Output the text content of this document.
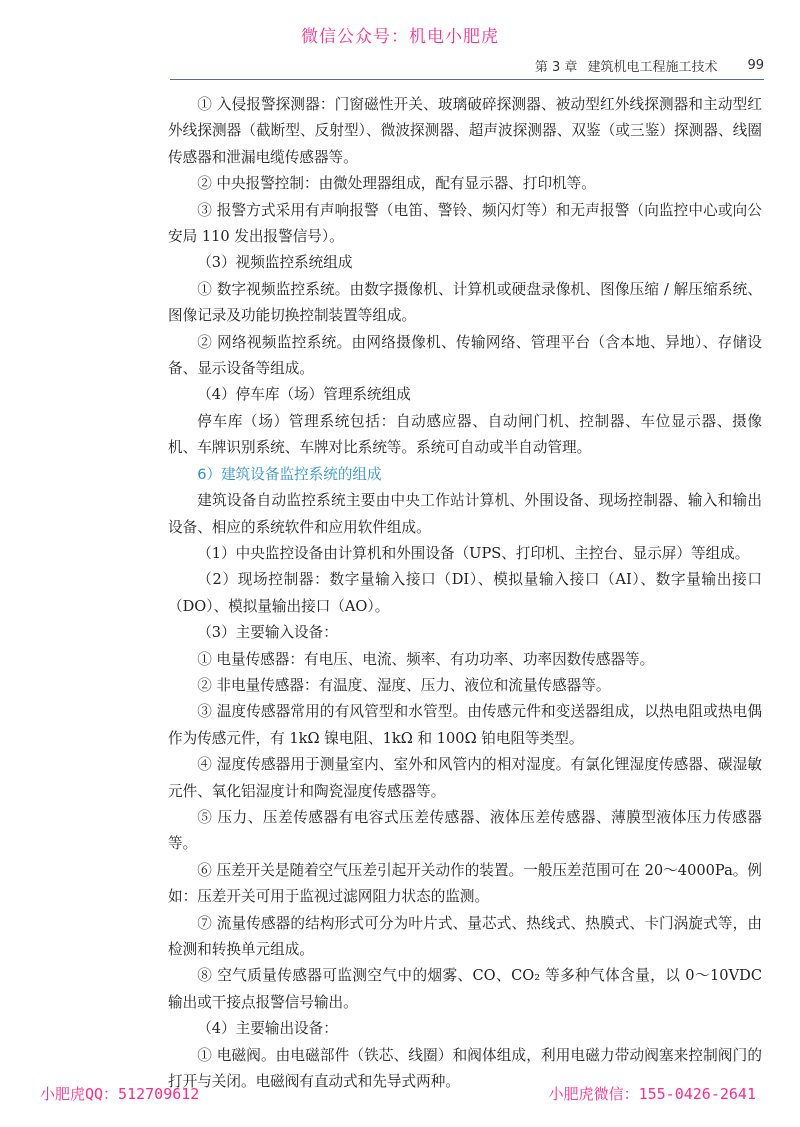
微信公众号：机电小肥虎
第 3 章 建筑机电工程施工技术 99

① 入侵报警探测器：门窗磁性开关、玻璃破碎探测器、被动型红外线探测器和主动型红外线探测器（截断型、反射型）、微波探测器、超声波探测器、双鉴（或三鉴）探测器、线圈传感器和泄漏电缆传感器等。

② 中央报警控制：由微处理器组成，配有显示器、打印机等。

③ 报警方式采用有声响报警（电笛、警铃、频闪灯等）和无声报警（向监控中心或向公安局 110 发出报警信号）。

（3）视频监控系统组成

① 数字视频监控系统。由数字摄像机、计算机或硬盘录像机、图像压缩 / 解压缩系统、图像记录及功能切换控制装置等组成。

② 网络视频监控系统。由网络摄像机、传输网络、管理平台（含本地、异地）、存储设备、显示设备等组成。

（4）停车库（场）管理系统组成

停车库（场）管理系统包括：自动感应器、自动闸门机、控制器、车位显示器、摄像机、车牌识别系统、车牌对比系统等。系统可自动或半自动管理。

6）建筑设备监控系统的组成

建筑设备自动监控系统主要由中央工作站计算机、外围设备、现场控制器、输入和输出设备、相应的系统软件和应用软件组成。

（1）中央监控设备由计算机和外围设备（UPS、打印机、主控台、显示屏）等组成。

（2）现场控制器：数字量输入接口（DI）、模拟量输入接口（AI）、数字量输出接口（DO）、模拟量输出接口（AO）。

（3）主要输入设备：

① 电量传感器：有电压、电流、频率、有功功率、功率因数传感器等。

② 非电量传感器：有温度、湿度、压力、液位和流量传感器等。

③ 温度传感器常用的有风管型和水管型。由传感元件和变送器组成，以热电阻或热电偶作为传感元件，有 1kΩ 镍电阻、1kΩ 和 100Ω 铂电阻等类型。

④ 湿度传感器用于测量室内、室外和风管内的相对湿度。有氯化锂湿度传感器、碳湿敏元件、氧化铝湿度计和陶瓷湿度传感器等。

⑤ 压力、压差传感器有电容式压差传感器、液体压差传感器、薄膜型液体压力传感器等。

⑥ 压差开关是随着空气压差引起开关动作的装置。一般压差范围可在 20～4000Pa。例如：压差开关可用于监视过滤网阻力状态的监测。

⑦ 流量传感器的结构形式可分为叶片式、量芯式、热线式、热膜式、卡门涡旋式等，由检测和转换单元组成。

⑧ 空气质量传感器可监测空气中的烟雾、CO、CO₂ 等多种气体含量，以 0～10VDC 输出或干接点报警信号输出。

（4）主要输出设备：

① 电磁阀。由电磁部件（铁芯、线圈）和阀体组成，利用电磁力带动阀塞来控制阀门的打开与关闭。电磁阀有直动式和先导式两种。

小肥虎QQ：512709612	小肥虎微信：155-0426-2641
